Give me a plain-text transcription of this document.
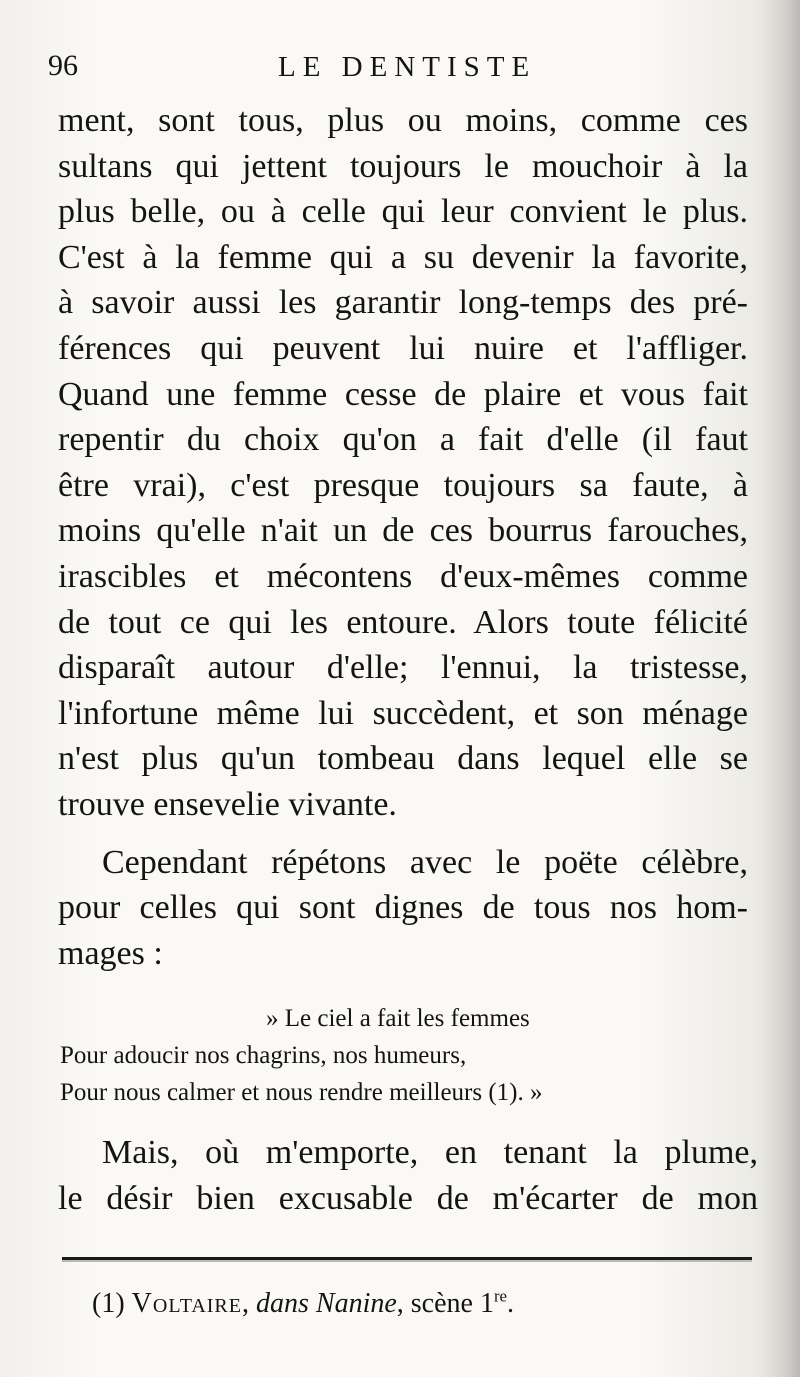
96	LE DENTISTE
ment, sont tous, plus ou moins, comme ces
sultans qui jettent toujours le mouchoir à la
plus belle, ou à celle qui leur convient le plus.
C'est à la femme qui a su devenir la favorite,
à savoir aussi les garantir long-temps des pré-
férences qui peuvent lui nuire et l'affliger.
Quand une femme cesse de plaire et vous fait
repentir du choix qu'on a fait d'elle (il faut
être vrai), c'est presque toujours sa faute, à
moins qu'elle n'ait un de ces bourrus farouches,
irascibles et mécontens d'eux-mêmes comme
de tout ce qui les entoure. Alors toute félicité
disparaît autour d'elle; l'ennui, la tristesse,
l'infortune même lui succèdent, et son ménage
n'est plus qu'un tombeau dans lequel elle se
trouve ensevelie vivante.
Cependant répétons avec le poëte célèbre,
pour celles qui sont dignes de tous nos hom-
mages :
» Le ciel a fait les femmes
Pour adoucir nos chagrins, nos humeurs,
Pour nous calmer et nous rendre meilleurs (1). »
Mais, où m'emporte, en tenant la plume,
le désir bien excusable de m'écarter de mon
(1) Voltaire, dans Nanine, scène 1re.
